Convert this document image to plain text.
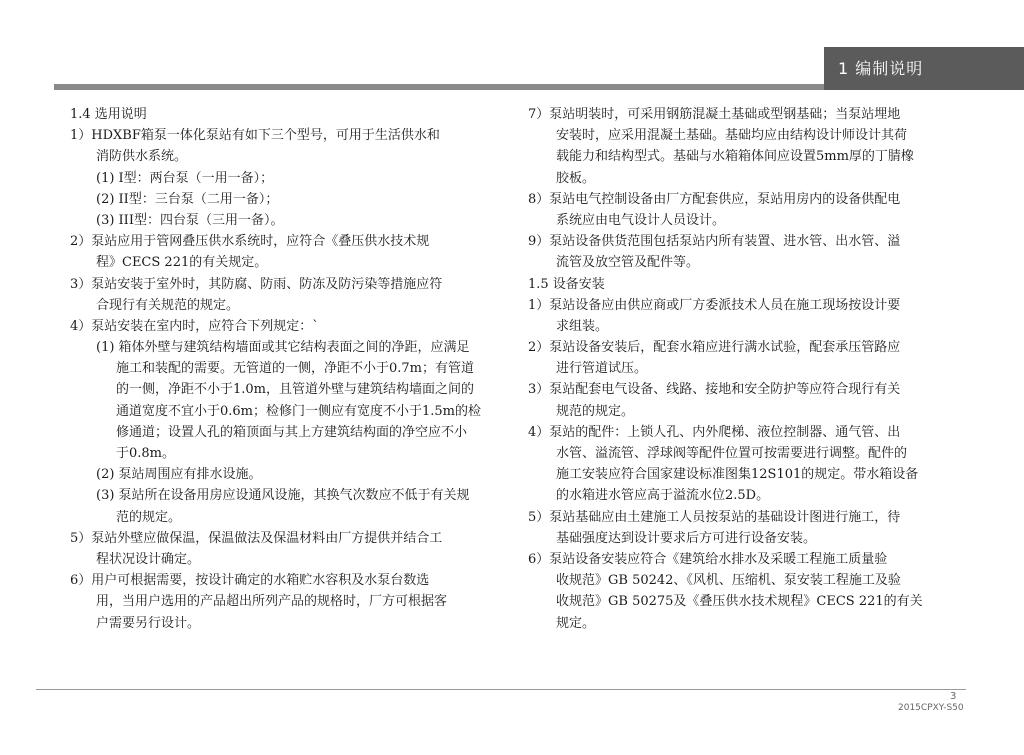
1 编制说明
1.4 选用说明
1）HDXBF箱泵一体化泵站有如下三个型号，可用于生活供水和
消防供水系统。
(1) I型：两台泵（一用一备）；
(2) II型：三台泵（二用一备）；
(3) III型：四台泵（三用一备）。
2）泵站应用于管网叠压供水系统时，应符合《叠压供水技术规
程》CECS 221的有关规定。
3）泵站安装于室外时，其防腐、防雨、防冻及防污染等措施应符
合现行有关规范的规定。
4）泵站安装在室内时，应符合下列规定：`
(1) 箱体外壁与建筑结构墙面或其它结构表面之间的净距，应满足
施工和装配的需要。无管道的一侧，净距不小于0.7m；有管道
的一侧，净距不小于1.0m，且管道外壁与建筑结构墙面之间的
通道宽度不宜小于0.6m；检修门一侧应有宽度不小于1.5m的检
修通道；设置人孔的箱顶面与其上方建筑结构面的净空应不小
于0.8m。
(2) 泵站周围应有排水设施。
(3) 泵站所在设备用房应设通风设施，其换气次数应不低于有关规
范的规定。
5）泵站外壁应做保温，保温做法及保温材料由厂方提供并结合工
程状况设计确定。
6）用户可根据需要，按设计确定的水箱贮水容积及水泵台数选
用，当用户选用的产品超出所列产品的规格时，厂方可根据客
户需要另行设计。
7）泵站明装时，可采用钢筋混凝土基础或型钢基础；当泵站埋地
安装时，应采用混凝土基础。基础均应由结构设计师设计其荷
载能力和结构型式。基础与水箱箱体间应设置5mm厚的丁腈橡
胶板。
8）泵站电气控制设备由厂方配套供应，泵站用房内的设备供配电
系统应由电气设计人员设计。
9）泵站设备供货范围包括泵站内所有装置、进水管、出水管、溢
流管及放空管及配件等。
1.5 设备安装
1）泵站设备应由供应商或厂方委派技术人员在施工现场按设计要
求组装。
2）泵站设备安装后，配套水箱应进行满水试验，配套承压管路应
进行管道试压。
3）泵站配套电气设备、线路、接地和安全防护等应符合现行有关
规范的规定。
4）泵站的配件：上锁人孔、内外爬梯、液位控制器、通气管、出
水管、溢流管、浮球阀等配件位置可按需要进行调整。配件的
施工安装应符合国家建设标准图集12S101的规定。带水箱设备
的水箱进水管应高于溢流水位2.5D。
5）泵站基础应由土建施工人员按泵站的基础设计图进行施工，待
基础强度达到设计要求后方可进行设备安装。
6）泵站设备安装应符合《建筑给水排水及采暖工程施工质量验
收规范》GB 50242、《风机、压缩机、泵安装工程施工及验
收规范》GB 50275及《叠压供水技术规程》CECS 221的有关
规定。
3
2015CPXY-S50
